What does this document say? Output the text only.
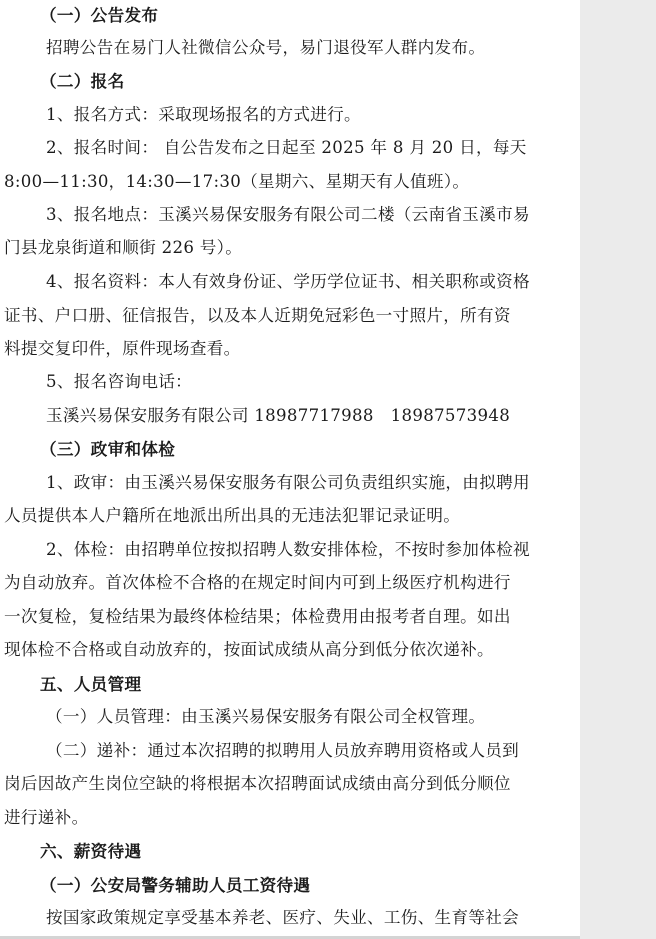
（一）公告发布
招聘公告在易门人社微信公众号，易门退役军人群内发布。
（二）报名
1、报名方式：采取现场报名的方式进行。
2、报名时间： 自公告发布之日起至 2025 年 8 月 20 日，每天
8:00—11:30，14:30—17:30（星期六、星期天有人值班）。
3、报名地点：玉溪兴易保安服务有限公司二楼（云南省玉溪市易
门县龙泉街道和顺街 226 号）。
4、报名资料：本人有效身份证、学历学位证书、相关职称或资格
证书、户口册、征信报告，以及本人近期免冠彩色一寸照片，所有资
料提交复印件，原件现场查看。
5、报名咨询电话：
玉溪兴易保安服务有限公司 18987717988　18987573948
（三）政审和体检
1、政审：由玉溪兴易保安服务有限公司负责组织实施，由拟聘用
人员提供本人户籍所在地派出所出具的无违法犯罪记录证明。
2、体检：由招聘单位按拟招聘人数安排体检，不按时参加体检视
为自动放弃。首次体检不合格的在规定时间内可到上级医疗机构进行
一次复检，复检结果为最终体检结果；体检费用由报考者自理。如出
现体检不合格或自动放弃的，按面试成绩从高分到低分依次递补。
五、人员管理
（一）人员管理：由玉溪兴易保安服务有限公司全权管理。
（二）递补：通过本次招聘的拟聘用人员放弃聘用资格或人员到
岗后因故产生岗位空缺的将根据本次招聘面试成绩由高分到低分顺位
进行递补。
六、薪资待遇
（一）公安局警务辅助人员工资待遇
按国家政策规定享受基本养老、医疗、失业、工伤、生育等社会
